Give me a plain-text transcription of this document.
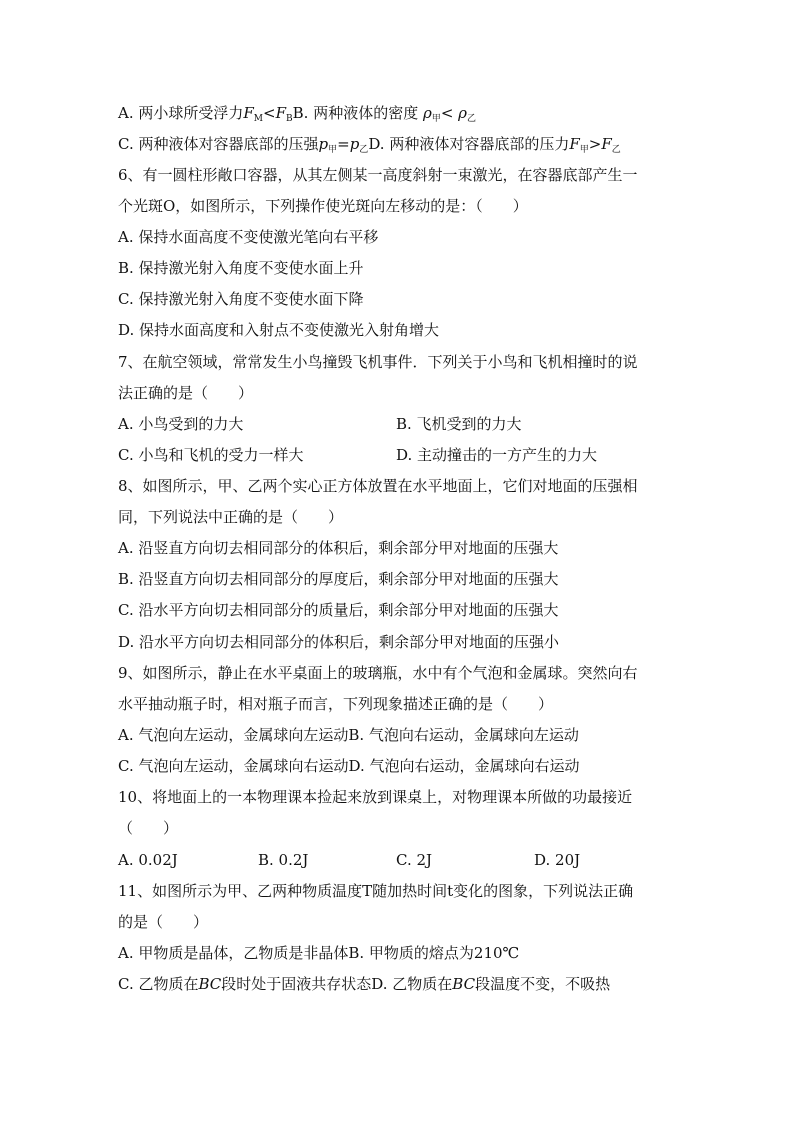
A. 两小球所受浮力$F_M<F_BB$. 两种液体的密度 $\rho_甲< \rho_乙$
C. 两种液体对容器底部的压强$p_甲=p_乙D$. 两种液体对容器底部的压力$F_甲>F_乙$
6、有一圆柱形敞口容器，从其左侧某一高度斜射一束激光，在容器底部产生一
个光斑O，如图所示，下列操作使光斑向左移动的是：（　　）
A. 保持水面高度不变使激光笔向右平移
B. 保持激光射入角度不变使水面上升
C. 保持激光射入角度不变使水面下降
D. 保持水面高度和入射点不变使激光入射角增大
7、在航空领域，常常发生小鸟撞毁飞机事件．下列关于小鸟和飞机相撞时的说
法正确的是（　　）
A. 小鸟受到的力大	B. 飞机受到的力大
C. 小鸟和飞机的受力一样大	D. 主动撞击的一方产生的力大
8、如图所示，甲、乙两个实心正方体放置在水平地面上，它们对地面的压强相
同，下列说法中正确的是（　　）
A. 沿竖直方向切去相同部分的体积后，剩余部分甲对地面的压强大
B. 沿竖直方向切去相同部分的厚度后，剩余部分甲对地面的压强大
C. 沿水平方向切去相同部分的质量后，剩余部分甲对地面的压强大
D. 沿水平方向切去相同部分的体积后，剩余部分甲对地面的压强小
9、如图所示，静止在水平桌面上的玻璃瓶，水中有个气泡和金属球。突然向右
水平抽动瓶子时，相对瓶子而言，下列现象描述正确的是（　　）
A. 气泡向左运动，金属球向左运动B. 气泡向右运动，金属球向左运动
C. 气泡向左运动，金属球向右运动D. 气泡向右运动，金属球向右运动
10、将地面上的一本物理课本捡起来放到课桌上，对物理课本所做的功最接近
（　　）
A. 0.02J	B. 0.2J	C. 2J	D. 20J
11、如图所示为甲、乙两种物质温度T随加热时间t变化的图象，下列说法正确
的是（　　）
A. 甲物质是晶体，乙物质是非晶体B. 甲物质的熔点为210℃
C. 乙物质在BC段时处于固液共存状态D. 乙物质在BC段温度不变，不吸热
